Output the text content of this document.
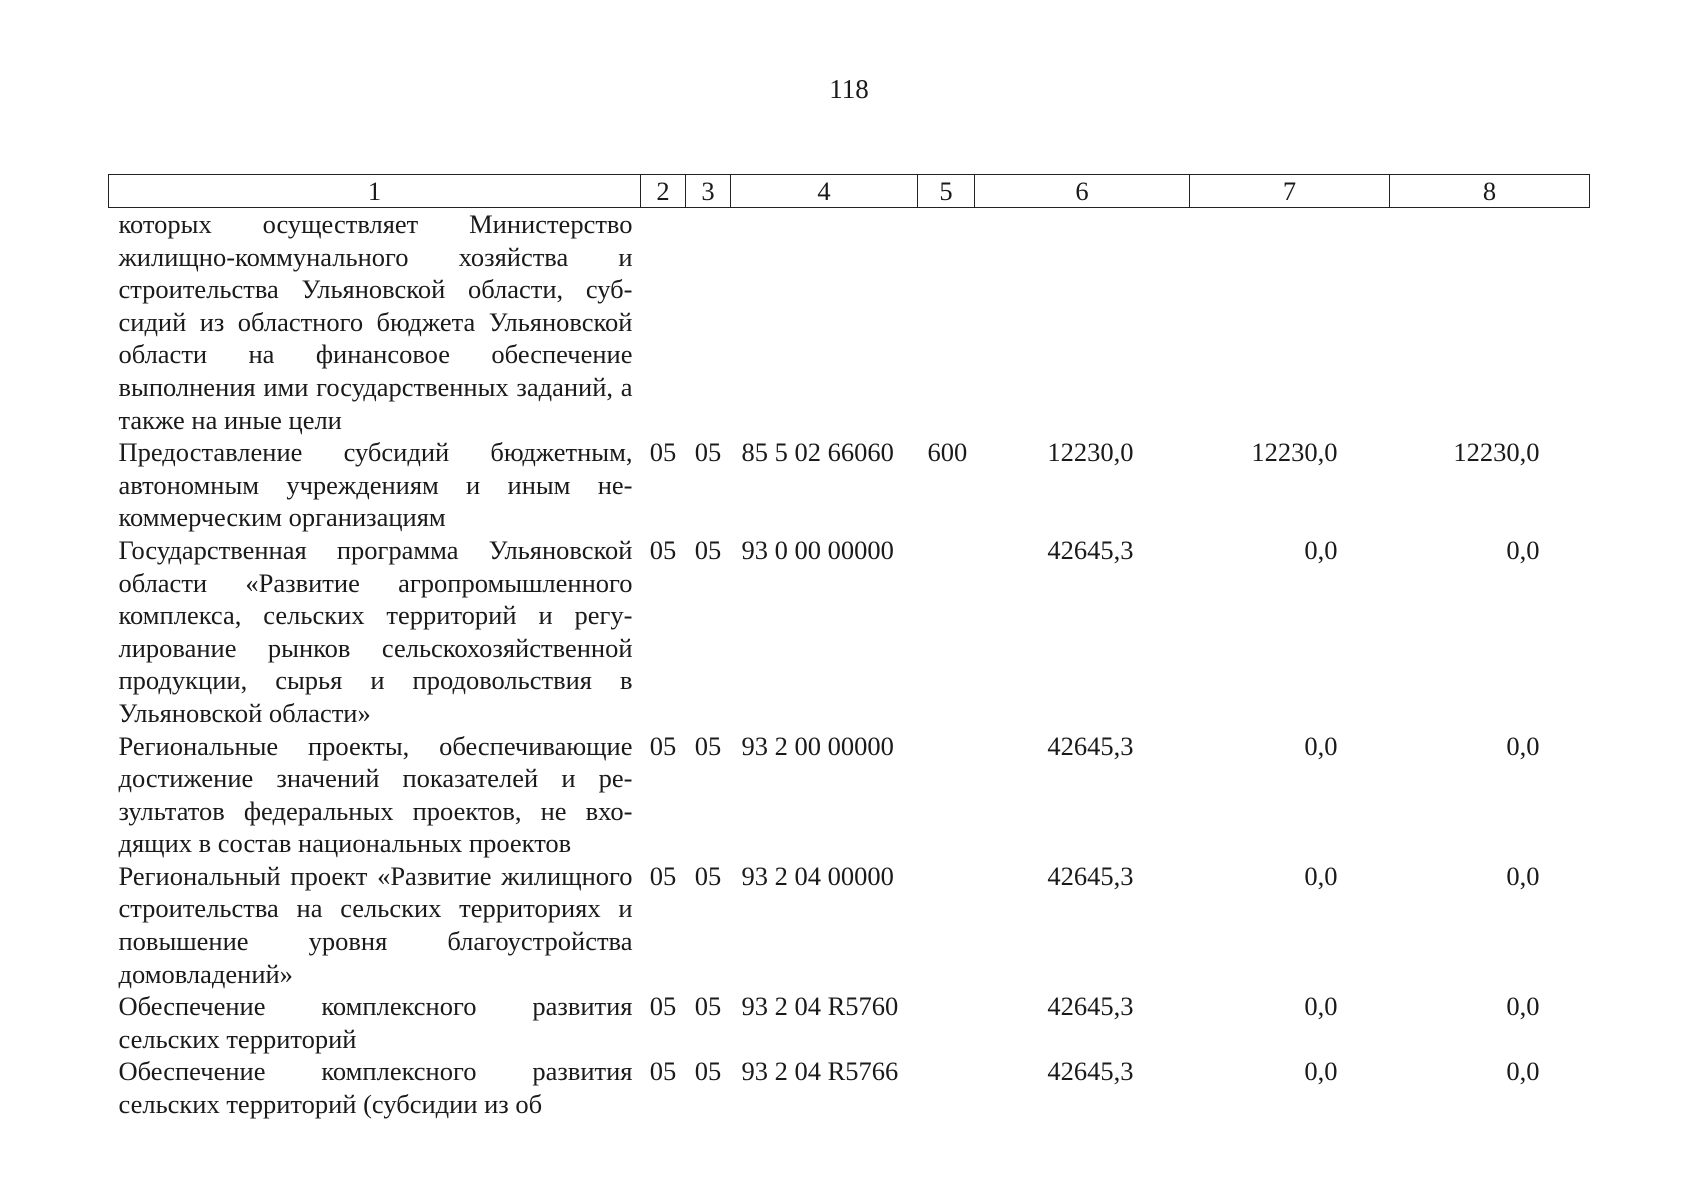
118
1	2	3	4	5	6	7	8
которых осуществляет Министерство жилищно-коммунального хозяйства и строительства Ульяновской области, субсидий из областного бюджета Ульяновской области на финансовое обеспечение выполнения ими государственных заданий, а также на иные цели							
Предоставление субсидий бюджетным, автономным учреждениям и иным некоммерческим организациям	05	05	85 5 02 66060	600	12230,0	12230,0	12230,0
Государственная программа Ульяновской области «Развитие агропромышленного комплекса, сельских территорий и регулирование рынков сельскохозяйственной продукции, сырья и продовольствия в Ульяновской области»	05	05	93 0 00 00000		42645,3	0,0	0,0
Региональные проекты, обеспечивающие достижение значений показателей и результатов федеральных проектов, не входящих в состав национальных проектов	05	05	93 2 00 00000		42645,3	0,0	0,0
Региональный проект «Развитие жилищного строительства на сельских территориях и повышение уровня благоустройства домовладений»	05	05	93 2 04 00000		42645,3	0,0	0,0
Обеспечение комплексного развития сельских территорий	05	05	93 2 04 R5760		42645,3	0,0	0,0
Обеспечение комплексного развития сельских территорий (субсидии из об	05	05	93 2 04 R5766		42645,3	0,0	0,0
